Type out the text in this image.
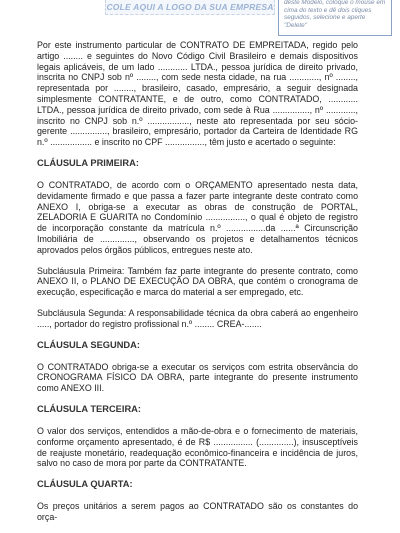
COLE AQUI A LOGO DA SUA EMPRESA	deste Modelo, coloque o mouse em cima do texto e dê dois cliques seguidos, selecione e aperte "Delete"

Por este instrumento particular de CONTRATO DE EMPREITADA, regido pelo artigo ........ e seguintes do Novo Código Civil Brasileiro e demais dispositivos legais aplicáveis, de um lado ............ LTDA., pessoa jurídica de direito privado, inscrita no CNPJ sob nº ........, com sede nesta cidade, na rua ............, nº ........, representada por ........, brasileiro, casado, empresário, a seguir designada simplesmente CONTRATANTE, e de outro, como CONTRATADO, ............ LTDA., pessoa jurídica de direito privado, com sede à Rua ..............., nº ............, inscrito no CNPJ sob n.º ................., neste ato representada por seu sócio-gerente ..............., brasileiro, empresário, portador da Carteira de Identidade RG n.º ................. e inscrito no CPF ................, têm justo e acertado o seguinte:

CLÁUSULA PRIMEIRA:

O CONTRATADO, de acordo com o ORÇAMENTO apresentado nesta data, devidamente firmado e que passa a fazer parte integrante deste contrato como ANEXO I, obriga-se a executar as obras de construção de PORTAL, ZELADORIA E GUARITA no Condomínio ................, o qual é objeto de registro de incorporação constante da matrícula n.º ................da ......ª Circunscrição Imobiliária de .............., observando os projetos e detalhamentos técnicos aprovados pelos órgãos públicos, entregues neste ato.

Subcláusula Primeira: Também faz parte integrante do presente contrato, como ANEXO II, o PLANO DE EXECUÇÃO DA OBRA, que contém o cronograma de execução, especificação e marca do material a ser empregado, etc.

Subcláusula Segunda: A responsabilidade técnica da obra caberá ao engenheiro ....., portador do registro profissional n.º ........ CREA-.......

CLÁUSULA SEGUNDA:

O CONTRATADO obriga-se a executar os serviços com estrita observância do CRONOGRAMA FÍSICO DA OBRA, parte integrante do presente instrumento como ANEXO III.

CLÁUSULA TERCEIRA:

O valor dos serviços, entendidos a mão-de-obra e o fornecimento de materiais, conforme orçamento apresentado, é de R$ ................ (..............), insusceptíveis de reajuste monetário, readequação econômico-financeira e incidência de juros, salvo no caso de mora por parte da CONTRATANTE.

CLÁUSULA QUARTA:

Os preços unitários a serem pagos ao CONTRATADO são os constantes do orça-
